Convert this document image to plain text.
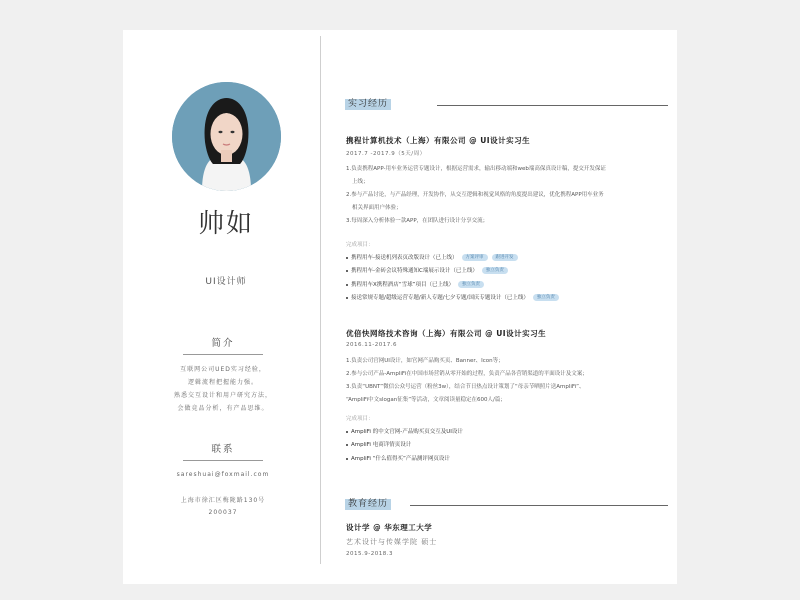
帅如
UI设计师
简介
互联网公司UED实习经验，
逻辑流程把握能力强。
熟悉交互设计和用户研究方法，
会做竞品分析，有产品思维。
联系
sareshuai@foxmail.com
上海市徐汇区梅陇路130号
200037
实习经历
携程计算机技术（上海）有限公司 @ UI设计实习生
2017.7 -2017.9（5天/周）
1.负责携程APP-用车业务运营专题设计，根据运营需求，输出移动端和web端高保真设计稿，提交开发保证
上线；
2.参与产品讨论，与产品经理，开发协作，从交互逻辑和视觉风格的角度提出建议，优化携程APP用车业务
相关界面用户体验；
3.每周深入分析体验一款APP，在团队进行设计分享交流；
完成项目：
携程用车-接送机列表页改版设计（已上线） 方案评审	跟进开发
携程用车-金砖会议特殊通知C端展示设计（已上线） 独立负责
携程用车X携程酒店“雪球”项目（已上线） 独立负责
接送常规专题/超级运营专题/新人专题/七夕专题/国庆专题设计（已上线） 独立负责
优倍快网络技术咨询（上海）有限公司 @ UI设计实习生
2016.11-2017.6
1.负责公司官网UI设计，如官网产品购买页、Banner、Icon等；
2.参与公司产品-AmpliFi在中国市场营销从零开始的过程，负责产品各营销渠道的平面设计及文案；
3.负责“UBNT”微信公众号运营（粉丝3w），结合节日热点设计策划了“母亲节晒照片送AmpliFi”、
“AmpliFi中文slogan征集”等活动，文章阅读量稳定在600人/篇；
完成项目：
AmpliFi 的中文官网-产品购买页交互及UI设计
AmpliFi 电商详情页设计
AmpliFi “什么值得买”产品测评网页设计
教育经历
设计学 @ 华东理工大学
艺术设计与传媒学院 硕士
2015.9-2018.3
